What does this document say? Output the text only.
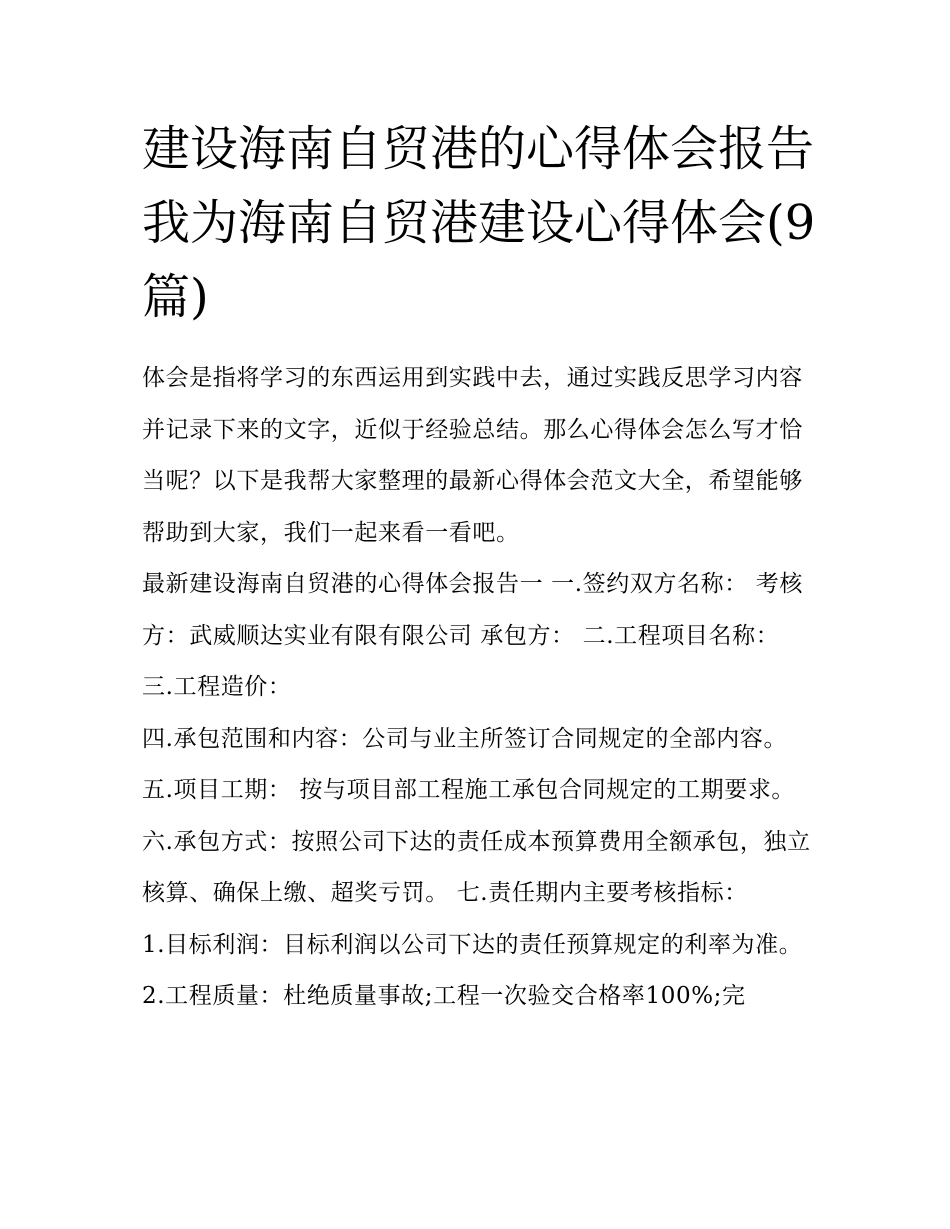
建设海南自贸港的心得体会报告 我为海南自贸港建设心得体会(9篇)

体会是指将学习的东西运用到实践中去，通过实践反思学习内容并记录下来的文字，近似于经验总结。那么心得体会怎么写才恰当呢？以下是我帮大家整理的最新心得体会范文大全，希望能够帮助到大家，我们一起来看一看吧。

最新建设海南自贸港的心得体会报告一 一.签约双方名称： 考核方：武威顺达实业有限有限公司 承包方： 二.工程项目名称： 三.工程造价：

四.承包范围和内容：公司与业主所签订合同规定的全部内容。 五.项目工期： 按与项目部工程施工承包合同规定的工期要求。

六.承包方式：按照公司下达的责任成本预算费用全额承包，独立核算、确保上缴、超奖亏罚。 七.责任期内主要考核指标：

1.目标利润：目标利润以公司下达的责任预算规定的利率为准。 2.工程质量：杜绝质量事故;工程一次验交合格率100%;完
